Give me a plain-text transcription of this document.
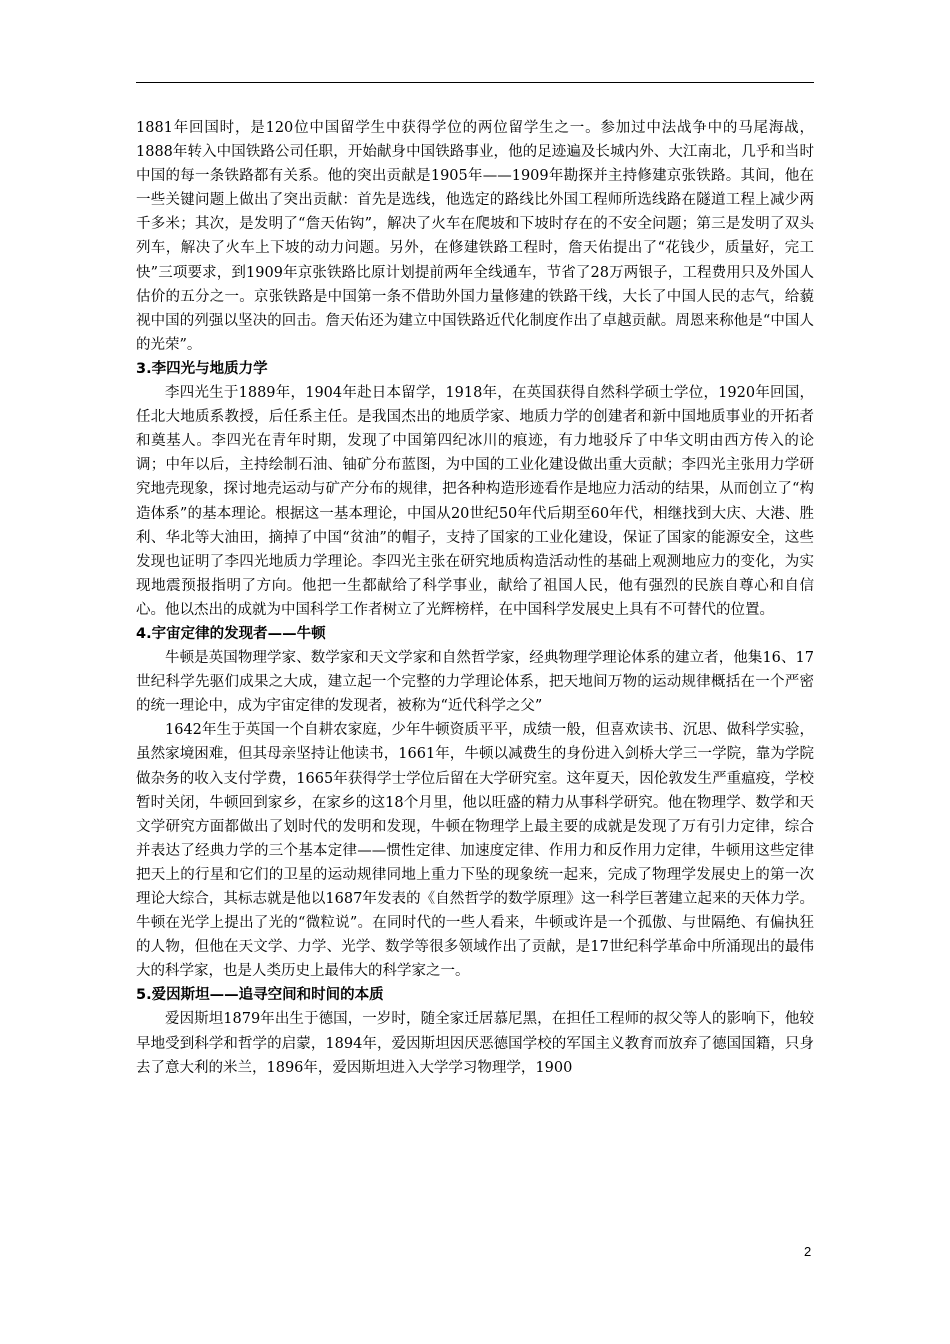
1881年回国时，是120位中国留学生中获得学位的两位留学生之一。参加过中法战争中的马尾海战，1888年转入中国铁路公司任职，开始献身中国铁路事业，他的足迹遍及长城内外、大江南北，几乎和当时中国的每一条铁路都有关系。他的突出贡献是1905年——1909年勘探并主持修建京张铁路。其间，他在一些关键问题上做出了突出贡献：首先是选线，他选定的路线比外国工程师所选线路在隧道工程上减少两千多米；其次，是发明了“詹天佑钩”，解决了火车在爬坡和下坡时存在的不安全问题；第三是发明了双头列车，解决了火车上下坡的动力问题。另外，在修建铁路工程时，詹天佑提出了“花钱少，质量好，完工快”三项要求，到1909年京张铁路比原计划提前两年全线通车，节省了28万两银子，工程费用只及外国人估价的五分之一。京张铁路是中国第一条不借助外国力量修建的铁路干线，大长了中国人民的志气，给藐视中国的列强以坚决的回击。詹天佑还为建立中国铁路近代化制度作出了卓越贡献。周恩来称他是“中国人的光荣”。

3.李四光与地质力学

李四光生于1889年，1904年赴日本留学，1918年，在英国获得自然科学硕士学位，1920年回国，任北大地质系教授，后任系主任。是我国杰出的地质学家、地质力学的创建者和新中国地质事业的开拓者和奠基人。李四光在青年时期，发现了中国第四纪冰川的痕迹，有力地驳斥了中华文明由西方传入的论调；中年以后，主持绘制石油、铀矿分布蓝图，为中国的工业化建设做出重大贡献；李四光主张用力学研究地壳现象，探讨地壳运动与矿产分布的规律，把各种构造形迹看作是地应力活动的结果，从而创立了“构造体系”的基本理论。根据这一基本理论，中国从20世纪50年代后期至60年代，相继找到大庆、大港、胜利、华北等大油田，摘掉了中国“贫油”的帽子，支持了国家的工业化建设，保证了国家的能源安全，这些发现也证明了李四光地质力学理论。李四光主张在研究地质构造活动性的基础上观测地应力的变化，为实现地震预报指明了方向。他把一生都献给了科学事业，献给了祖国人民，他有强烈的民族自尊心和自信心。他以杰出的成就为中国科学工作者树立了光辉榜样，在中国科学发展史上具有不可替代的位置。

4.宇宙定律的发现者——牛顿

牛顿是英国物理学家、数学家和天文学家和自然哲学家，经典物理学理论体系的建立者，他集16、17世纪科学先驱们成果之大成，建立起一个完整的力学理论体系，把天地间万物的运动规律概括在一个严密的统一理论中，成为宇宙定律的发现者，被称为“近代科学之父”

1642年生于英国一个自耕农家庭，少年牛顿资质平平，成绩一般，但喜欢读书、沉思、做科学实验，虽然家境困难，但其母亲坚持让他读书，1661年，牛顿以减费生的身份进入剑桥大学三一学院，靠为学院做杂务的收入支付学费，1665年获得学士学位后留在大学研究室。这年夏天，因伦敦发生严重瘟疫，学校暂时关闭，牛顿回到家乡，在家乡的这18个月里，他以旺盛的精力从事科学研究。他在物理学、数学和天文学研究方面都做出了划时代的发明和发现，牛顿在物理学上最主要的成就是发现了万有引力定律，综合并表达了经典力学的三个基本定律——惯性定律、加速度定律、作用力和反作用力定律，牛顿用这些定律把天上的行星和它们的卫星的运动规律同地上重力下坠的现象统一起来，完成了物理学发展史上的第一次理论大综合，其标志就是他以1687年发表的《自然哲学的数学原理》这一科学巨著建立起来的天体力学。牛顿在光学上提出了光的“微粒说”。在同时代的一些人看来，牛顿或许是一个孤傲、与世隔绝、有偏执狂的人物，但他在天文学、力学、光学、数学等很多领域作出了贡献，是17世纪科学革命中所涌现出的最伟大的科学家，也是人类历史上最伟大的科学家之一。

5.爱因斯坦——追寻空间和时间的本质

爱因斯坦1879年出生于德国，一岁时，随全家迁居慕尼黑，在担任工程师的叔父等人的影响下，他较早地受到科学和哲学的启蒙，1894年，爱因斯坦因厌恶德国学校的军国主义教育而放弃了德国国籍，只身去了意大利的米兰，1896年，爱因斯坦进入大学学习物理学，1900

2
